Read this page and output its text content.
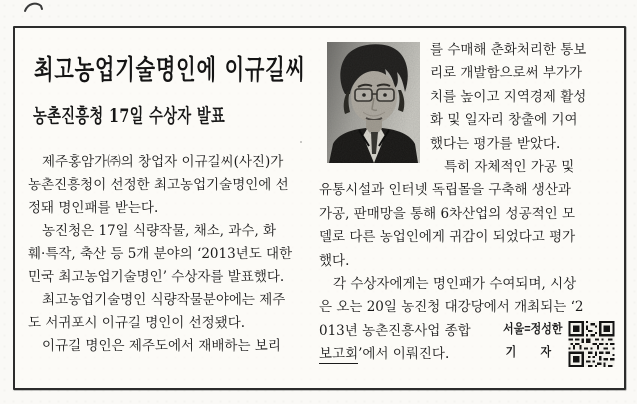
최고농업기술명인에 이규길씨
농촌진흥청 17일 수상자 발표
제주홍암가㈜의 창업자 이규길씨(사진)가
농촌진흥청이 선정한 최고농업기술명인에 선
정돼 명인패를 받는다.
농진청은 17일 식량작물, 채소, 과수, 화
훼·특작, 축산 등 5개 분야의 ‘2013년도 대한
민국 최고농업기술명인’ 수상자를 발표했다.
최고농업기술명인 식량작물분야에는 제주
도 서귀포시 이규길 명인이 선정됐다.
이규길 명인은 제주도에서 재배하는 보리
를 수매해 춘화처리한 통보
리로 개발함으로써 부가가
치를 높이고 지역경제 활성
화 및 일자리 창출에 기여
했다는 평가를 받았다.
특히 자체적인 가공 및
유통시설과 인터넷 독립몰을 구축해 생산과
가공, 판매망을 통해 6차산업의 성공적인 모
델로 다른 농업인에게 귀감이 되었다고 평가
했다.
각 수상자에게는 명인패가 수여되며, 시상
은 오는 20일 농진청 대강당에서 개최되는 ‘2
013년 농촌진흥사업 종합
보고회’에서 이뤄진다.
서울=정성한
기 자
